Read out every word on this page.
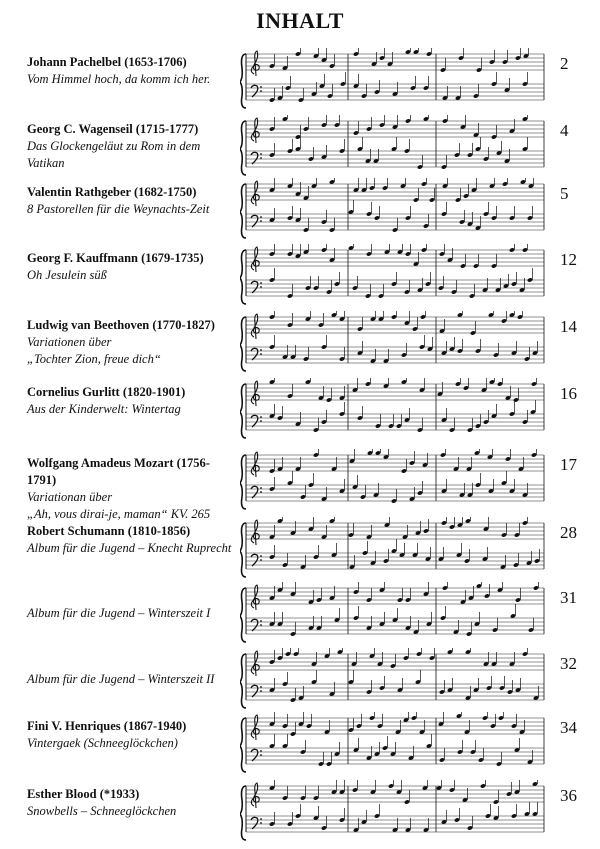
INHALT
Johann Pachelbel (1653-1706)
Vom Himmel hoch, da komm ich her.
2
Georg C. Wagenseil (1715-1777)
Das Glockengeläut zu Rom in dem Vatikan
4
Valentin Rathgeber (1682-1750)
8 Pastorellen für die Weynachts-Zeit
5
Georg F. Kauffmann (1679-1735)
Oh Jesulein süß
12
Ludwig van Beethoven (1770-1827)
Variationen über
„Tochter Zion, freue dich“
14
Cornelius Gurlitt (1820-1901)
Aus der Kinderwelt: Wintertag
16
Wolfgang Amadeus Mozart (1756-1791)
Variationan über
„Ah, vous dirai-je, maman“ KV. 265
17
Robert Schumann (1810-1856)
Album für die Jugend – Knecht Ruprecht
28
Album für die Jugend – Winterszeit I
31
Album für die Jugend – Winterszeit II
32
Fini V. Henriques (1867-1940)
Vintergaek (Schneeglöckchen)
34
Esther Blood (*1933)
Snowbells – Schneeglöckchen
36
